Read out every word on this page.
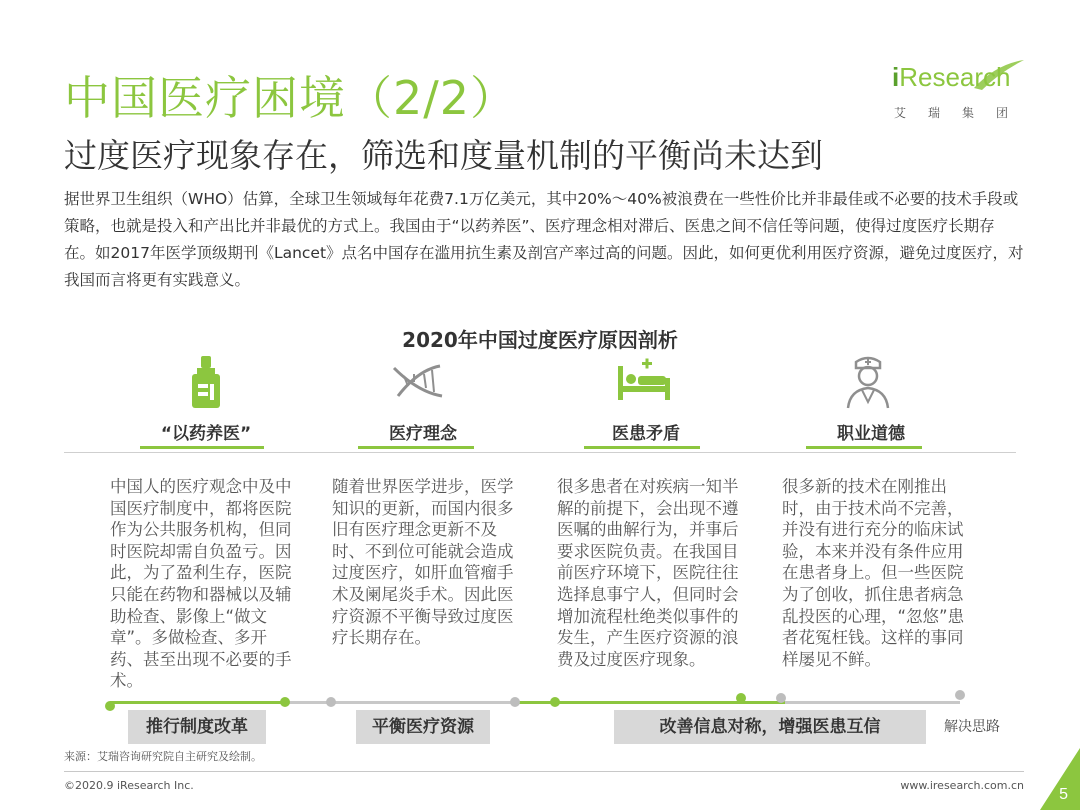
中国医疗困境（2/2）
过度医疗现象存在，筛选和度量机制的平衡尚未达到
iResearch
艾瑞集团
据世界卫生组织（WHO）估算，全球卫生领域每年花费7.1万亿美元，其中20%～40%被浪费在一些性价比并非最佳或不必要的技术手段或策略，也就是投入和产出比并非最优的方式上。我国由于“以药养医”、医疗理念相对滞后、医患之间不信任等问题，使得过度医疗长期存在。如2017年医学顶级期刊《Lancet》点名中国存在滥用抗生素及剖宫产率过高的问题。因此，如何更优利用医疗资源，避免过度医疗，对我国而言将更有实践意义。
2020年中国过度医疗原因剖析
“以药养医”	医疗理念	医患矛盾	职业道德
中国人的医疗观念中及中国医疗制度中，都将医院作为公共服务机构，但同时医院却需自负盈亏。因此，为了盈利生存，医院只能在药物和器械以及辅助检查、影像上“做文章”。多做检查、多开药、甚至出现不必要的手术。
随着世界医学进步，医学知识的更新，而国内很多旧有医疗理念更新不及时、不到位可能就会造成过度医疗，如肝血管瘤手术及阑尾炎手术。因此医疗资源不平衡导致过度医疗长期存在。
很多患者在对疾病一知半解的前提下，会出现不遵医嘱的曲解行为，并事后要求医院负责。在我国目前医疗环境下，医院往往选择息事宁人，但同时会增加流程杜绝类似事件的发生，产生医疗资源的浪费及过度医疗现象。
很多新的技术在刚推出时，由于技术尚不完善，并没有进行充分的临床试验，本来并没有条件应用在患者身上。但一些医院为了创收，抓住患者病急乱投医的心理，“忽悠”患者花冤枉钱。这样的事同样屡见不鲜。
推行制度改革	平衡医疗资源	改善信息对称，增强医患互信	解决思路
来源：艾瑞咨询研究院自主研究及绘制。
©2020.9 iResearch Inc.	www.iresearch.com.cn
5
